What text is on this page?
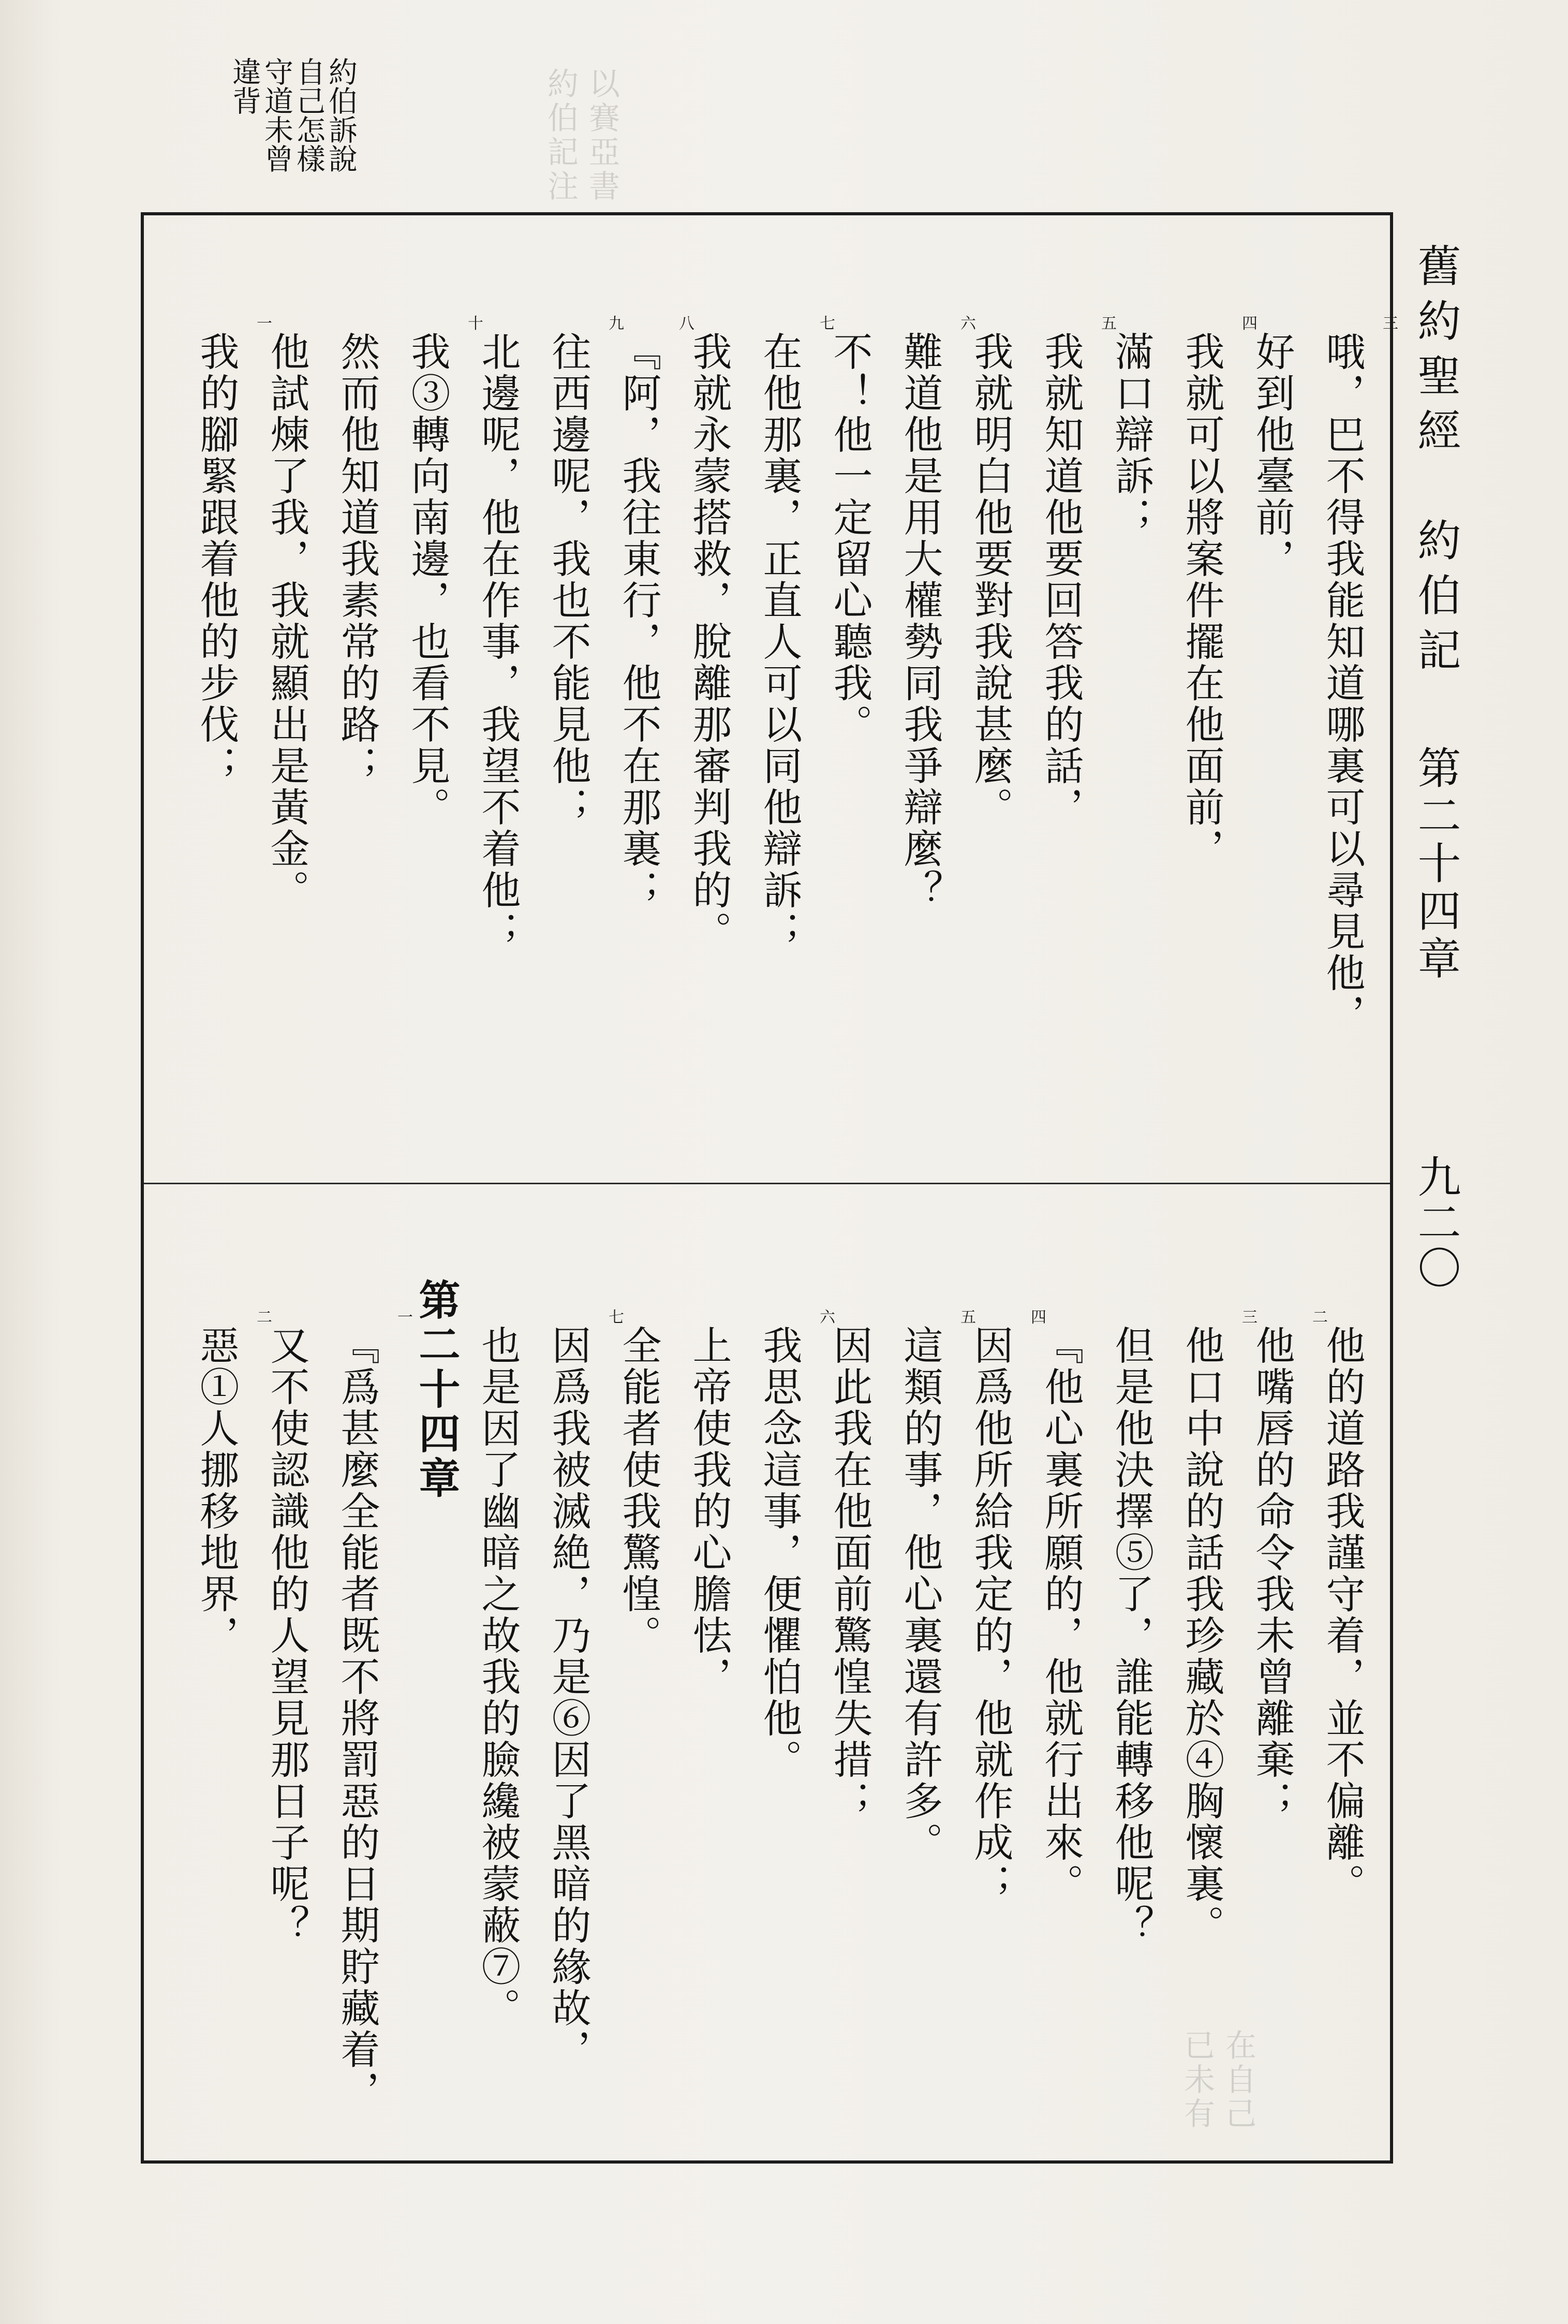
以賽亞書
約伯記注
在自己
已未有
舊約聖經　約伯記
第二十四章
九二〇
約伯訴說
自己怎樣
守道未曾
違背
哦，巴不得我能知道哪裏可以尋見他，
三
好到他臺前，
我就可以將案件擺在他面前，
四
滿口辯訴；
我就知道他要回答我的話，
五
我就明白他要對我說甚麼。
難道他是用大權勢同我爭辯麼？
六
不！他一定留心聽我。
在他那裏，正直人可以同他辯訴；
七
我就永蒙搭救，脫離那審判我的。
『阿，我往東行，他不在那裏；
八
往西邊呢，我也不能見他；
九
北邊呢，他在作事，我望不着他；
我③轉向南邊，也看不見。
十
然而他知道我素常的路；
他試煉了我，我就顯出是黃金。
我的腳緊跟着他的步伐；
一
他的道路我謹守着，並不偏離。
他嘴唇的命令我未曾離棄；
二
他口中說的話我珍藏於④胸懷裏。
三
但是他決擇⑤了，誰能轉移他呢？
『他心裏所願的，他就行出來。
因爲他所給我定的，他就作成；
四
這類的事，他心裏還有許多。
五
因此我在他面前驚惶失措；
我思念這事，便懼怕他。
六
上帝使我的心膽怯，
全能者使我驚惶。
因爲我被滅絶，乃是⑥因了黑暗的緣故，
七
也是因了幽暗之故我的臉纔被蒙蔽⑦。
第二十四章
『爲甚麼全能者既不將罰惡的日期貯藏着，
一
又不使認識他的人望見那日子呢？
惡①人挪移地界，
二
